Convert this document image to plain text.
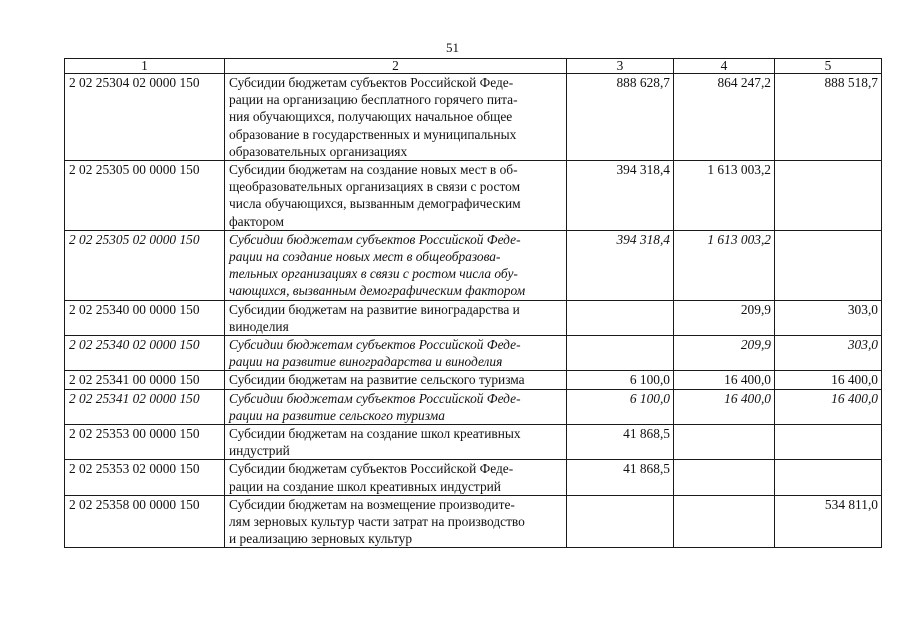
51
1	2	3	4	5
2 02 25304 02 0000 150	Субсидии бюджетам субъектов Российской Феде-
рации на организацию бесплатного горячего пита-
ния обучающихся, получающих начальное общее
образование в государственных и муниципальных
образовательных организациях	888 628,7	864 247,2	888 518,7
2 02 25305 00 0000 150	Субсидии бюджетам на создание новых мест в об-
щеобразовательных организациях в связи с ростом
числа обучающихся, вызванным демографическим
фактором	394 318,4	1 613 003,2	
2 02 25305 02 0000 150	Субсидии бюджетам субъектов Российской Феде-
рации на создание новых мест в общеобразова-
тельных организациях в связи с ростом числа обу-
чающихся, вызванным демографическим фактором	394 318,4	1 613 003,2	
2 02 25340 00 0000 150	Субсидии бюджетам на развитие виноградарства и
виноделия		209,9	303,0
2 02 25340 02 0000 150	Субсидии бюджетам субъектов Российской Феде-
рации на развитие виноградарства и виноделия		209,9	303,0
2 02 25341 00 0000 150	Субсидии бюджетам на развитие сельского туризма	6 100,0	16 400,0	16 400,0
2 02 25341 02 0000 150	Субсидии бюджетам субъектов Российской Феде-
рации на развитие сельского туризма	6 100,0	16 400,0	16 400,0
2 02 25353 00 0000 150	Субсидии бюджетам на создание школ креативных
индустрий	41 868,5		
2 02 25353 02 0000 150	Субсидии бюджетам субъектов Российской Феде-
рации на создание школ креативных индустрий	41 868,5		
2 02 25358 00 0000 150	Субсидии бюджетам на возмещение производите-
лям зерновых культур части затрат на производство
и реализацию зерновых культур			534 811,0
